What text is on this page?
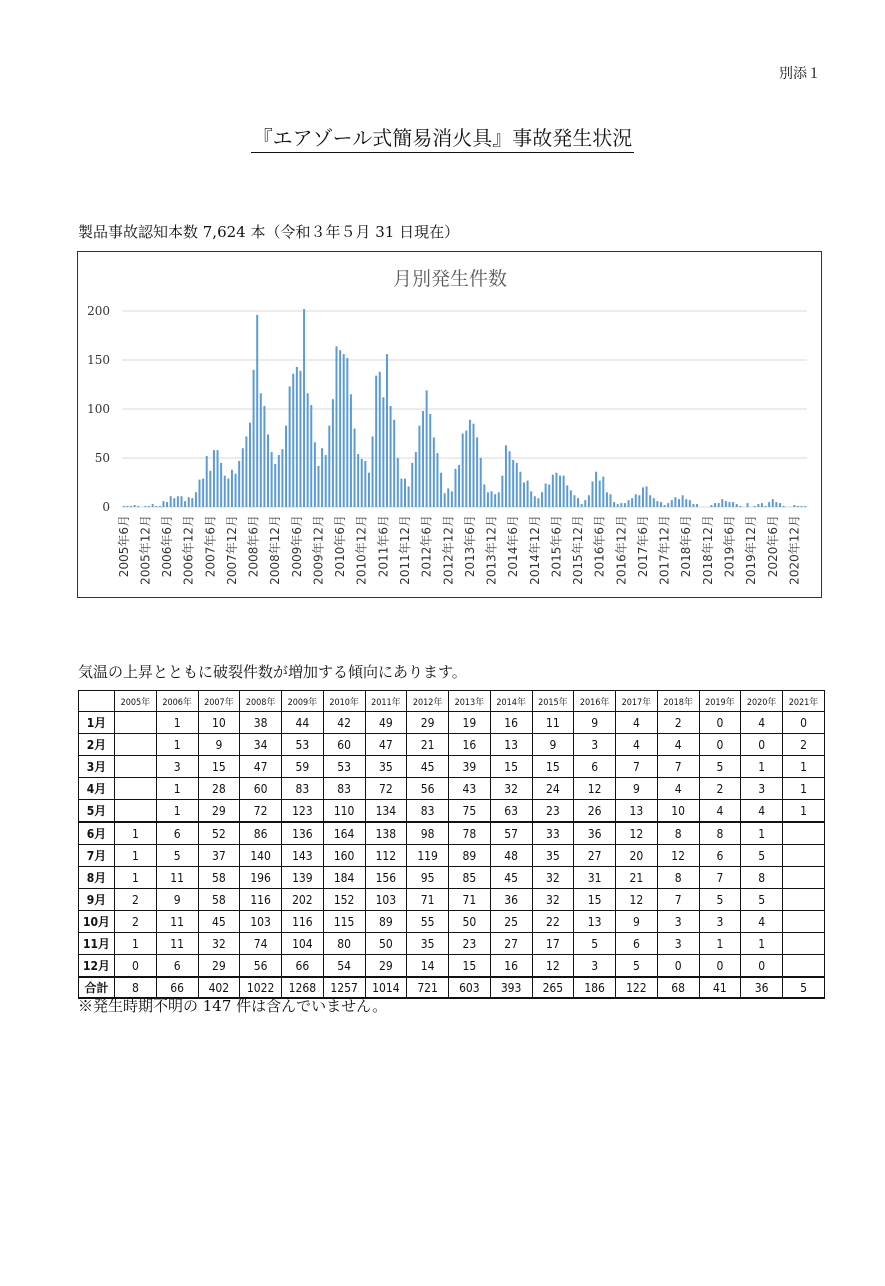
別添１
『エアゾール式簡易消火具』事故発生状況
製品事故認知本数 7,624 本（令和３年５月 31 日現在）
月別発生件数
0
50
100
150
200
2005年6月 2005年12月 2006年6月 2006年12月 2007年6月 2007年12月 2008年6月 2008年12月 2009年6月 2009年12月 2010年6月 2010年12月 2011年6月 2011年12月 2012年6月 2012年12月 2013年6月 2013年12月 2014年6月 2014年12月 2015年6月 2015年12月 2016年6月 2016年12月 2017年6月 2017年12月 2018年6月 2018年12月 2019年6月 2019年12月 2020年6月 2020年12月
気温の上昇とともに破裂件数が増加する傾向にあります。
	2005年	2006年	2007年	2008年	2009年	2010年	2011年	2012年	2013年	2014年	2015年	2016年	2017年	2018年	2019年	2020年	2021年
1月		1	10	38	44	42	49	29	19	16	11	9	4	2	0	4	0
2月		1	9	34	53	60	47	21	16	13	9	3	4	4	0	0	2
3月		3	15	47	59	53	35	45	39	15	15	6	7	7	5	1	1
4月		1	28	60	83	83	72	56	43	32	24	12	9	4	2	3	1
5月		1	29	72	123	110	134	83	75	63	23	26	13	10	4	4	1
6月	1	6	52	86	136	164	138	98	78	57	33	36	12	8	8	1	
7月	1	5	37	140	143	160	112	119	89	48	35	27	20	12	6	5	
8月	1	11	58	196	139	184	156	95	85	45	32	31	21	8	7	8	
9月	2	9	58	116	202	152	103	71	71	36	32	15	12	7	5	5	
10月	2	11	45	103	116	115	89	55	50	25	22	13	9	3	3	4	
11月	1	11	32	74	104	80	50	35	23	27	17	5	6	3	1	1	
12月	0	6	29	56	66	54	29	14	15	16	12	3	5	0	0	0	
合計	8	66	402	1022	1268	1257	1014	721	603	393	265	186	122	68	41	36	5
※発生時期不明の 147 件は含んでいません。
